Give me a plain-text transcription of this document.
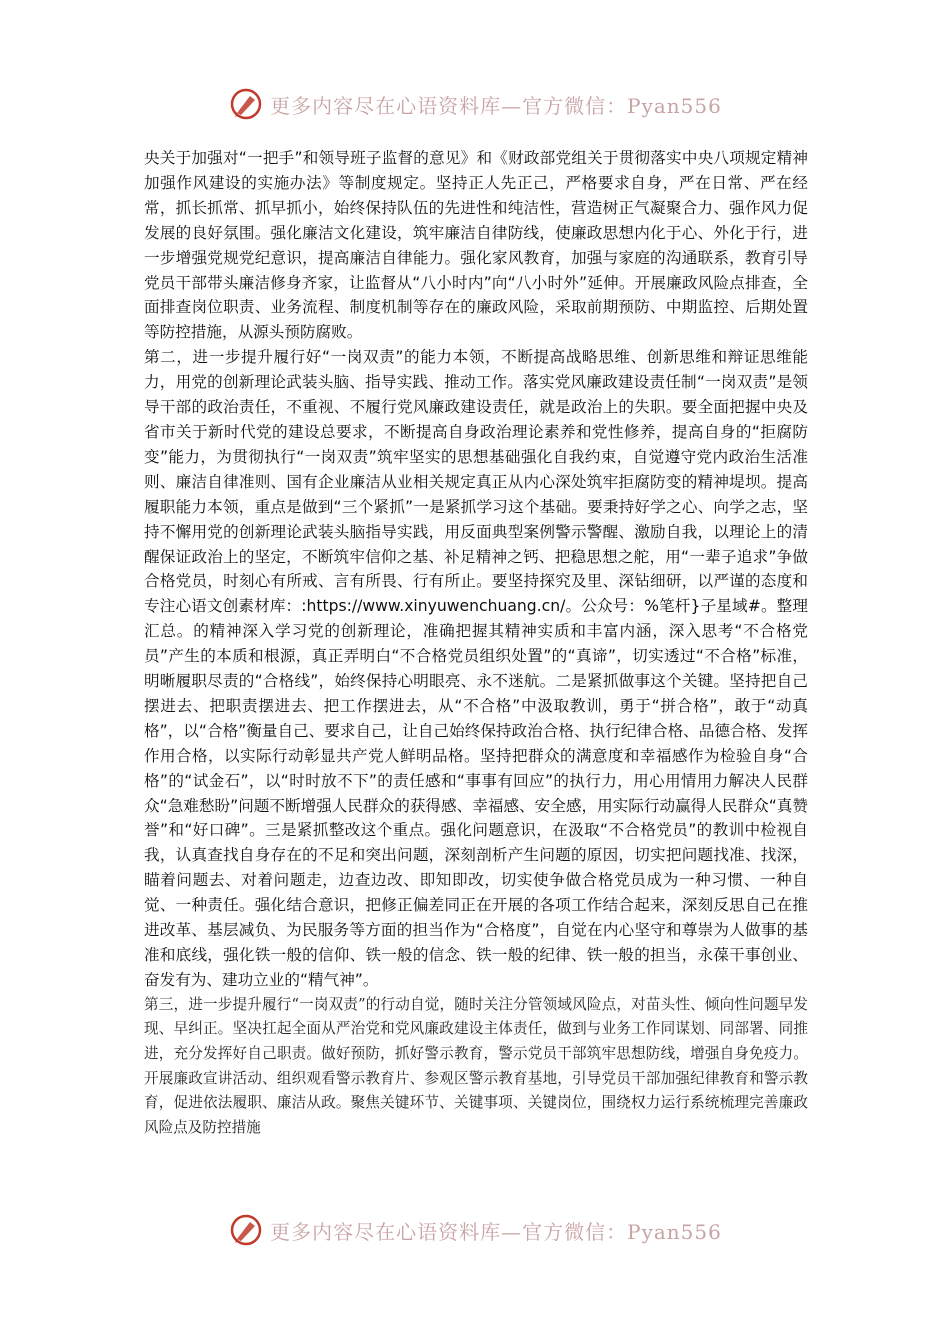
更多内容尽在心语资料库—官方微信：Pyan556

央关于加强对“一把手”和领导班子监督的意见》和《财政部党组关于贯彻落实中央八项规定精神加强作风建设的实施办法》等制度规定。坚持正人先正己，严格要求自身，严在日常、严在经常，抓长抓常、抓早抓小，始终保持队伍的先进性和纯洁性，营造树正气凝聚合力、强作风力促发展的良好氛围。强化廉洁文化建设，筑牢廉洁自律防线，使廉政思想内化于心、外化于行，进一步增强党规党纪意识，提高廉洁自律能力。强化家风教育，加强与家庭的沟通联系，教育引导党员干部带头廉洁修身齐家，让监督从“八小时内”向“八小时外”延伸。开展廉政风险点排查，全面排查岗位职责、业务流程、制度机制等存在的廉政风险，采取前期预防、中期监控、后期处置等防控措施，从源头预防腐败。

第二，进一步提升履行好“一岗双责”的能力本领，不断提高战略思维、创新思维和辩证思维能力，用党的创新理论武装头脑、指导实践、推动工作。落实党风廉政建设责任制“一岗双责”是领导干部的政治责任，不重视、不履行党风廉政建设责任，就是政治上的失职。要全面把握中央及省市关于新时代党的建设总要求，不断提高自身政治理论素养和党性修养，提高自身的“拒腐防变”能力，为贯彻执行“一岗双责”筑牢坚实的思想基础强化自我约束，自觉遵守党内政治生活准则、廉洁自律准则、国有企业廉洁从业相关规定真正从内心深处筑牢拒腐防变的精神堤坝。提高履职能力本领，重点是做到“三个紧抓”一是紧抓学习这个基础。要秉持好学之心、向学之志，坚持不懈用党的创新理论武装头脑指导实践，用反面典型案例警示警醒、激励自我，以理论上的清醒保证政治上的坚定，不断筑牢信仰之基、补足精神之钙、把稳思想之舵，用“一辈子追求”争做合格党员，时刻心有所戒、言有所畏、行有所止。要坚持探究及里、深钻细研，以严谨的态度和专注心语文创素材库：:https://www.xinyuwenchuang.cn/。公众号：%笔杆}子星域#。整理汇总。的精神深入学习党的创新理论，准确把握其精神实质和丰富内涵，深入思考“不合格党员”产生的本质和根源，真正弄明白“不合格党员组织处置”的“真谛”，切实透过“不合格”标准，明晰履职尽责的“合格线”，始终保持心明眼亮、永不迷航。二是紧抓做事这个关键。坚持把自己摆进去、把职责摆进去、把工作摆进去，从“不合格”中汲取教训，勇于“拼合格”，敢于“动真格”，以“合格”衡量自己、要求自己，让自己始终保持政治合格、执行纪律合格、品德合格、发挥作用合格，以实际行动彰显共产党人鲜明品格。坚持把群众的满意度和幸福感作为检验自身“合格”的“试金石”，以“时时放不下”的责任感和“事事有回应”的执行力，用心用情用力解决人民群众“急难愁盼”问题不断增强人民群众的获得感、幸福感、安全感，用实际行动赢得人民群众“真赞誉”和“好口碑”。三是紧抓整改这个重点。强化问题意识，在汲取“不合格党员”的教训中检视自我，认真查找自身存在的不足和突出问题，深刻剖析产生问题的原因，切实把问题找准、找深，瞄着问题去、对着问题走，边查边改、即知即改，切实使争做合格党员成为一种习惯、一种自觉、一种责任。强化结合意识，把修正偏差同正在开展的各项工作结合起来，深刻反思自己在推进改革、基层减负、为民服务等方面的担当作为“合格度”，自觉在内心坚守和尊崇为人做事的基准和底线，强化铁一般的信仰、铁一般的信念、铁一般的纪律、铁一般的担当，永葆干事创业、奋发有为、建功立业的“精气神”。

第三，进一步提升履行“一岗双责”的行动自觉，随时关注分管领域风险点，对苗头性、倾向性问题早发现、早纠正。坚决扛起全面从严治党和党风廉政建设主体责任，做到与业务工作同谋划、同部署、同推进，充分发挥好自己职责。做好预防，抓好警示教育，警示党员干部筑牢思想防线，增强自身免疫力。开展廉政宣讲活动、组织观看警示教育片、参观区警示教育基地，引导党员干部加强纪律教育和警示教育，促进依法履职、廉洁从政。聚焦关键环节、关键事项、关键岗位，围绕权力运行系统梳理完善廉政风险点及防控措施

更多内容尽在心语资料库—官方微信：Pyan556
